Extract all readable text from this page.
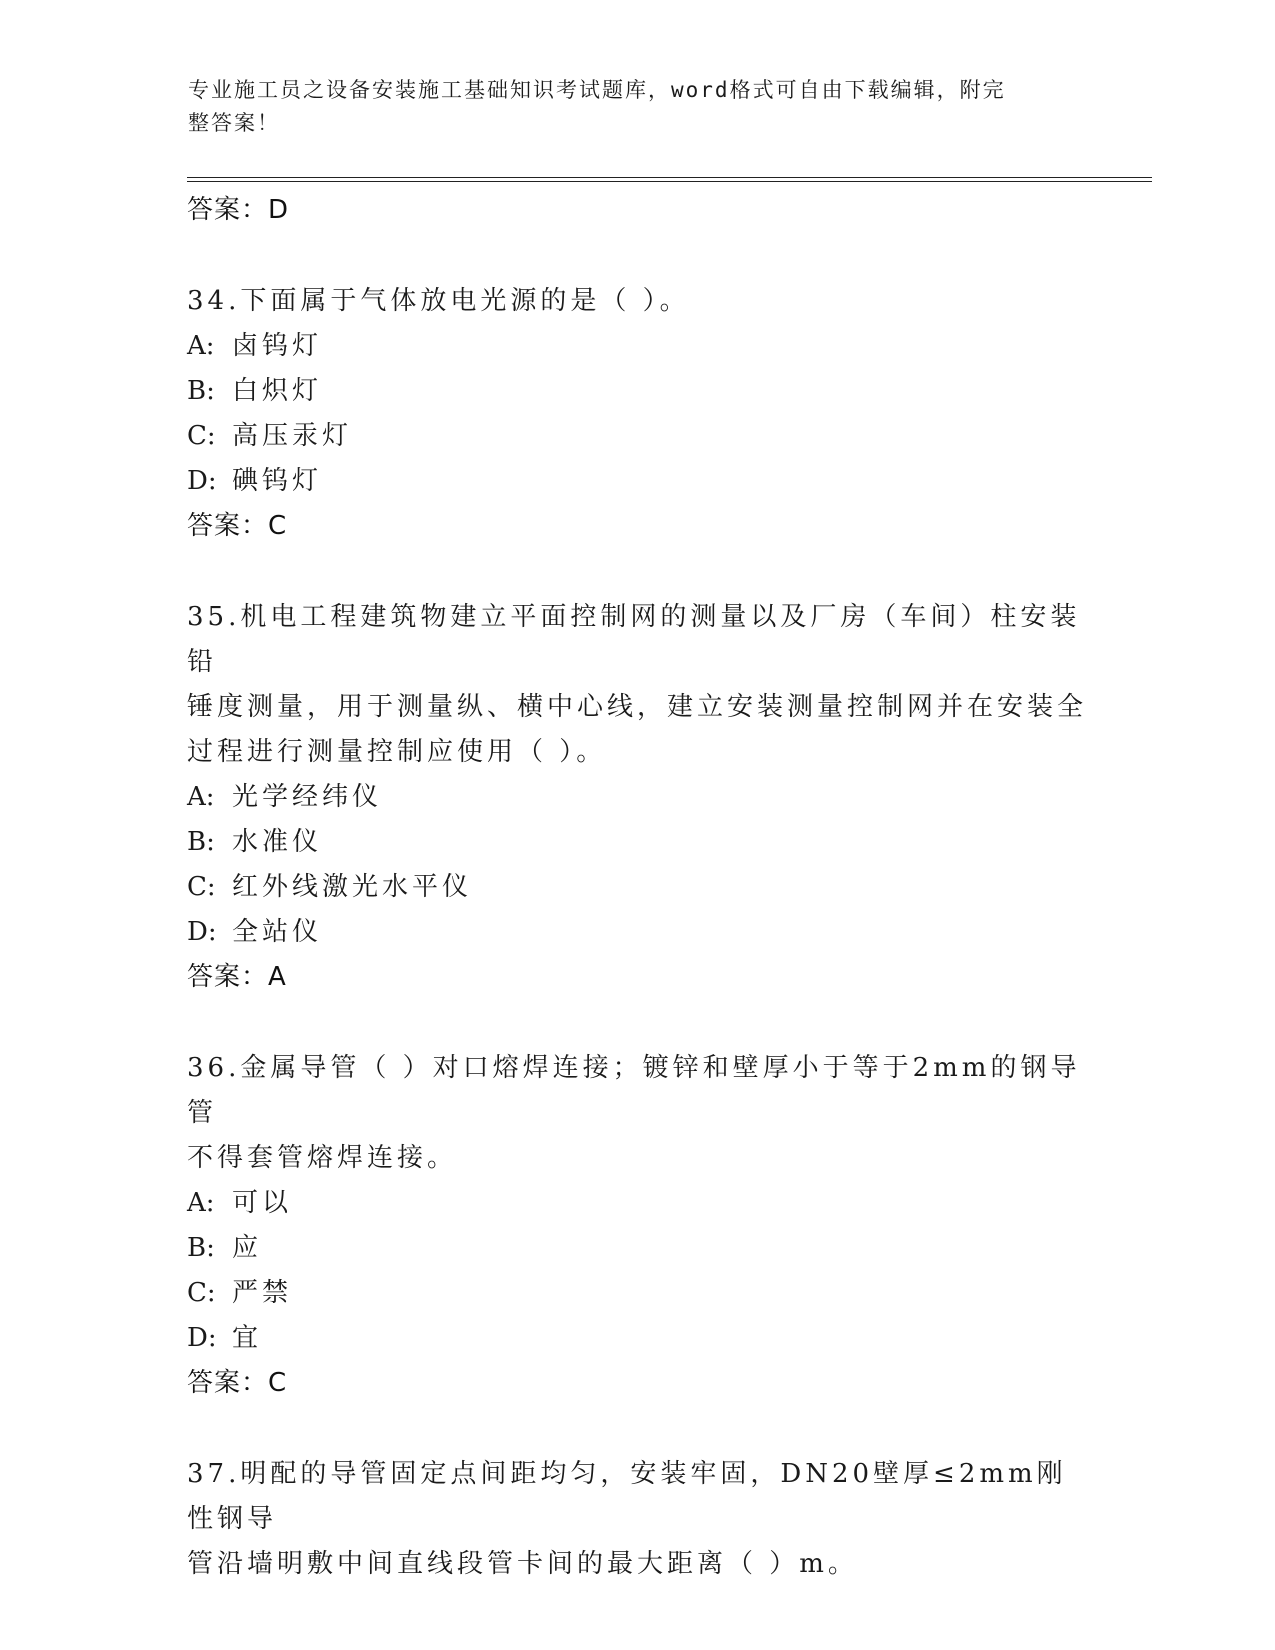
专业施工员之设备安装施工基础知识考试题库，word格式可自由下载编辑，附完
整答案！
答案：D

34.下面属于气体放电光源的是（ ）。

A: 卤钨灯
B: 白炽灯
C: 高压汞灯
D: 碘钨灯
答案：C

35.机电工程建筑物建立平面控制网的测量以及厂房（车间）柱安装铅

锤度测量，用于测量纵、横中心线，建立安装测量控制网并在安装全

过程进行测量控制应使用（ ）。

A: 光学经纬仪
B: 水准仪
C: 红外线激光水平仪
D: 全站仪
答案：A

36.金属导管（ ）对口熔焊连接；镀锌和壁厚小于等于2mm的钢导管

不得套管熔焊连接。

A: 可以
B: 应
C: 严禁
D: 宜
答案：C

37.明配的导管固定点间距均匀，安装牢固，DN20壁厚≤2mm刚性钢导

管沿墙明敷中间直线段管卡间的最大距离（ ）m。
